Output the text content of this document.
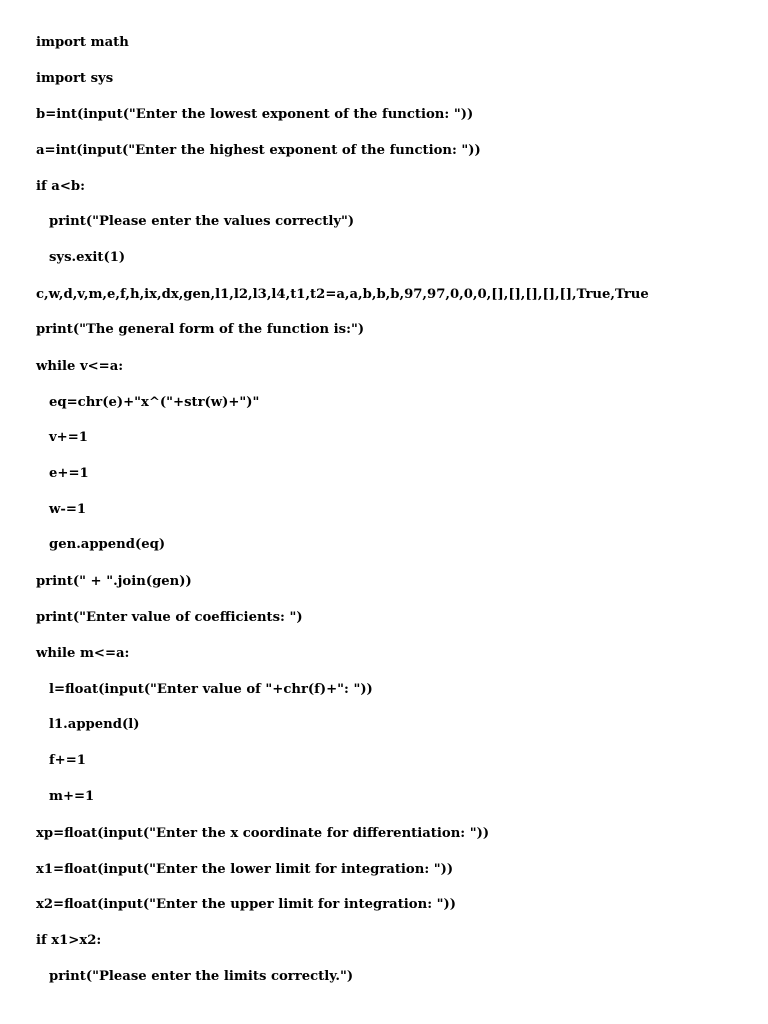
import math

import sys

b=int(input("Enter the lowest exponent of the function: "))

a=int(input("Enter the highest exponent of the function: "))

if a<b:

print("Please enter the values correctly")

sys.exit(1)

c,w,d,v,m,e,f,h,ix,dx,gen,l1,l2,l3,l4,t1,t2=a,a,b,b,b,97,97,0,0,0,[],[],[],[],[],True,True

print("The general form of the function is:")

while v<=a:

eq=chr(e)+"x^("+str(w)+")"

v+=1

e+=1

w-=1

gen.append(eq)

print(" + ".join(gen))

print("Enter value of coefficients: ")

while m<=a:

l=float(input("Enter value of "+chr(f)+": "))

l1.append(l)

f+=1

m+=1

xp=float(input("Enter the x coordinate for differentiation: "))

x1=float(input("Enter the lower limit for integration: "))

x2=float(input("Enter the upper limit for integration: "))

if x1>x2:

print("Please enter the limits correctly.")
